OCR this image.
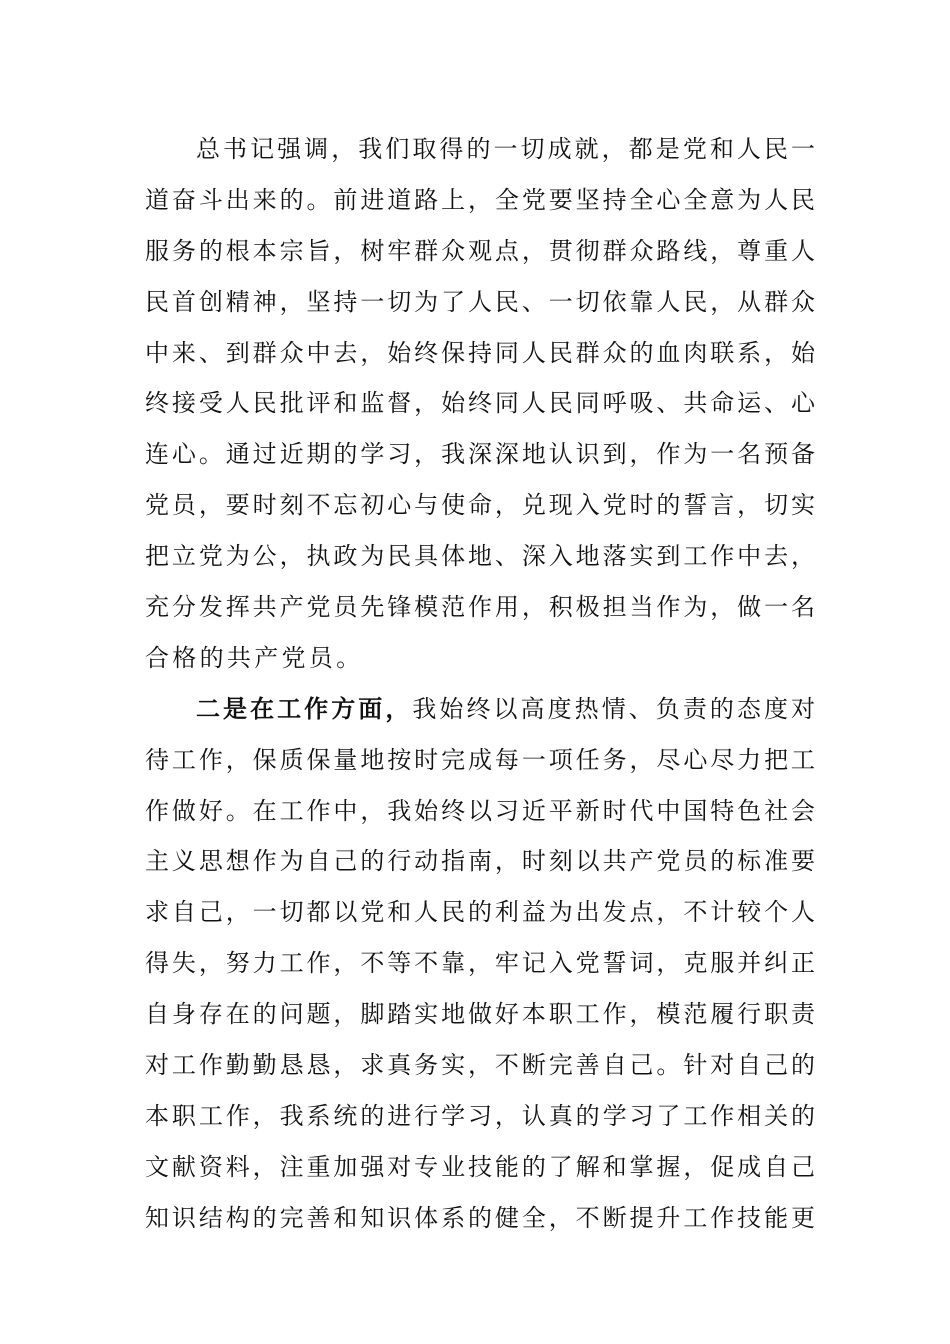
总书记强调，我们取得的一切成就，都是党和人民一
道奋斗出来的。前进道路上，全党要坚持全心全意为人民
服务的根本宗旨，树牢群众观点，贯彻群众路线，尊重人
民首创精神，坚持一切为了人民、一切依靠人民，从群众
中来、到群众中去，始终保持同人民群众的血肉联系，始
终接受人民批评和监督，始终同人民同呼吸、共命运、心
连心。通过近期的学习，我深深地认识到，作为一名预备
党员，要时刻不忘初心与使命，兑现入党时的誓言，切实
把立党为公，执政为民具体地、深入地落实到工作中去，
充分发挥共产党员先锋模范作用，积极担当作为，做一名
合格的共产党员。
二是在工作方面，我始终以高度热情、负责的态度对
待工作，保质保量地按时完成每一项任务，尽心尽力把工
作做好。在工作中，我始终以习近平新时代中国特色社会
主义思想作为自己的行动指南，时刻以共产党员的标准要
求自己，一切都以党和人民的利益为出发点，不计较个人
得失，努力工作，不等不靠，牢记入党誓词，克服并纠正
自身存在的问题，脚踏实地做好本职工作，模范履行职责
对工作勤勤恳恳，求真务实，不断完善自己。针对自己的
本职工作，我系统的进行学习，认真的学习了工作相关的
文献资料，注重加强对专业技能的了解和掌握，促成自己
知识结构的完善和知识体系的健全，不断提升工作技能更
